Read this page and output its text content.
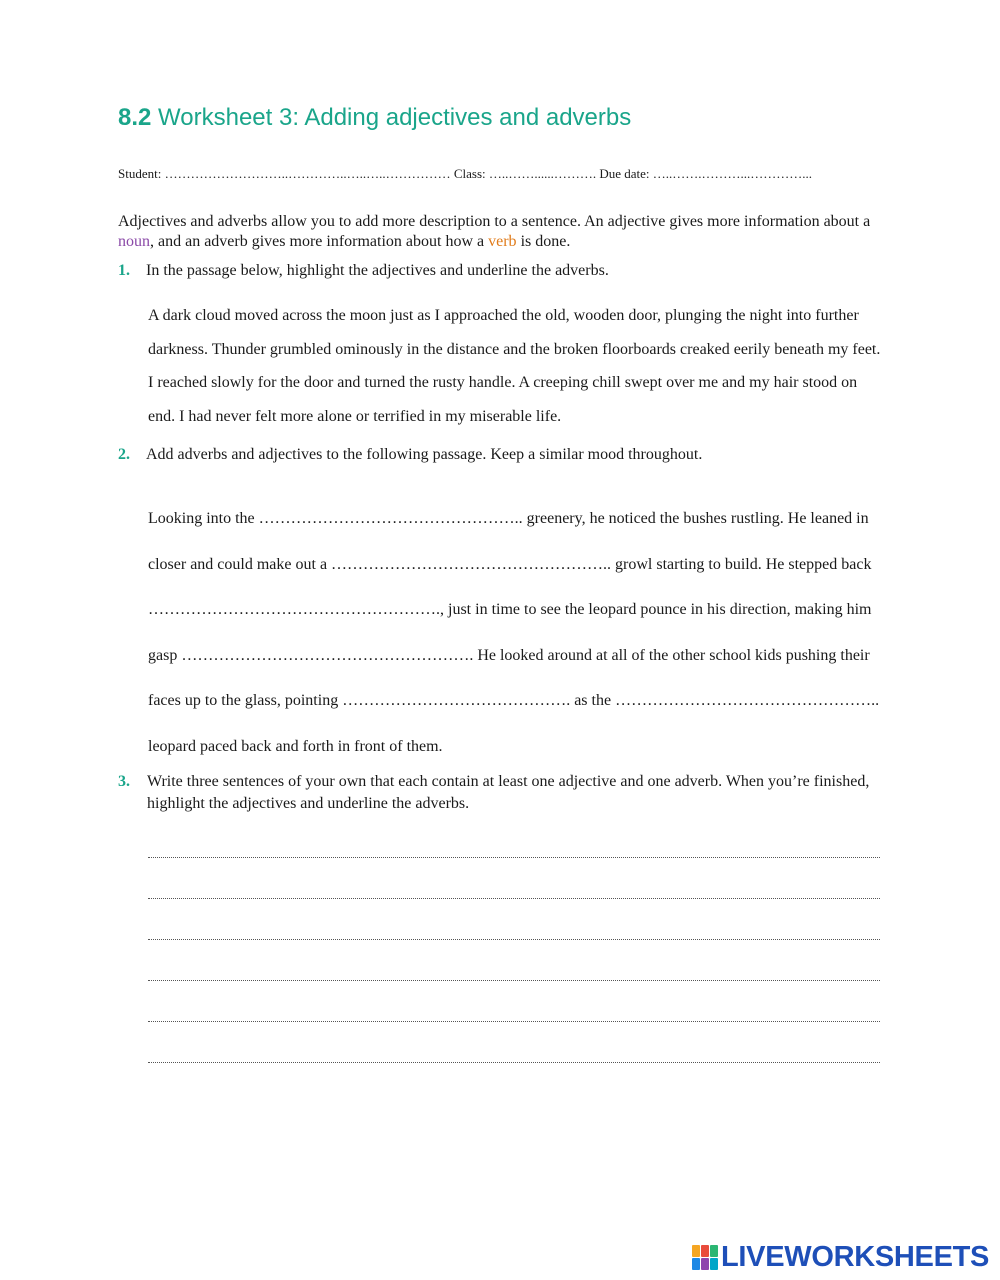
8.2 Worksheet 3: Adding adjectives and adverbs
Student: ………………………..…………..…..…..…………… Class: …..……......………. Due date: …..…….………...…………...

Adjectives and adverbs allow you to add more description to a sentence. An adjective gives more information about a noun, and an adverb gives more information about how a verb is done.

1. In the passage below, highlight the adjectives and underline the adverbs.

A dark cloud moved across the moon just as I approached the old, wooden door, plunging the night into further darkness. Thunder grumbled ominously in the distance and the broken floorboards creaked eerily beneath my feet. I reached slowly for the door and turned the rusty handle. A creeping chill swept over me and my hair stood on end. I had never felt more alone or terrified in my miserable life.

2. Add adverbs and adjectives to the following passage. Keep a similar mood throughout.

Looking into the ………………………………………….. greenery, he noticed the bushes rustling. He leaned in closer and could make out a …………………………………………….. growl starting to build. He stepped back ………………………………………………., just in time to see the leopard pounce in his direction, making him gasp ………………………………………………. He looked around at all of the other school kids pushing their faces up to the glass, pointing ……………………………………. as the ………………………………………….. leopard paced back and forth in front of them.

3.	Write three sentences of your own that each contain at least one adjective and one adverb. When you’re finished, highlight the adjectives and underline the adverbs.
LIVEWORKSHEETS
